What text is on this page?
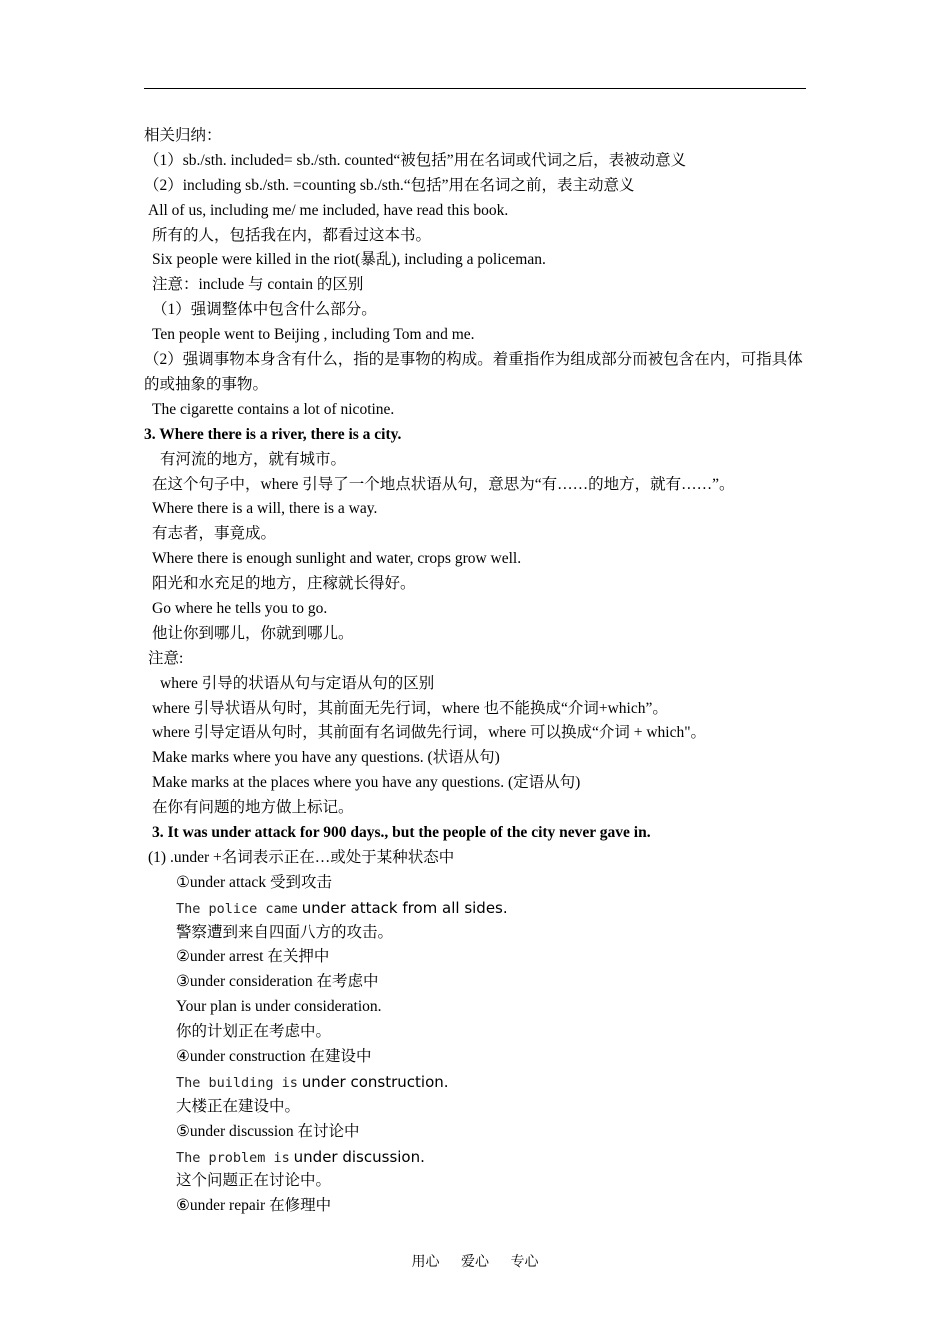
相关归纳：
（1）sb./sth. included= sb./sth. counted“被包括”用在名词或代词之后，表被动意义
（2）including sb./sth. =counting sb./sth.“包括”用在名词之前，表主动意义
All of us, including me/ me included, have read this book.
所有的人，包括我在内，都看过这本书。
Six people were killed in the riot(暴乱), including a policeman.
注意：include 与 contain 的区别
（1）强调整体中包含什么部分。
Ten people went to Beijing , including Tom and me.
（2）强调事物本身含有什么，指的是事物的构成。着重指作为组成部分而被包含在内，可指具体的或抽象的事物。
The cigarette contains a lot of nicotine.
3. Where there is a river, there is a city.
有河流的地方，就有城市。
在这个句子中，where 引导了一个地点状语从句，意思为“有……的地方，就有……”。
Where there is a will, there is a way.
有志者，事竟成。
Where there is enough sunlight and water, crops grow well.
阳光和水充足的地方，庄稼就长得好。
Go where he tells you to go.
他让你到哪儿，你就到哪儿。
注意:
where 引导的状语从句与定语从句的区别
where 引导状语从句时，其前面无先行词，where 也不能换成“介词+which”。
where 引导定语从句时，其前面有名词做先行词，where 可以换成“介词 + which"。
Make marks where you have any questions. (状语从句)
Make marks at the places where you have any questions. (定语从句)
在你有问题的地方做上标记。
3. It was under attack for 900 days., but the people of the city never gave in.
(1) .under +名词表示正在…或处于某种状态中
①under attack 受到攻击
The police came under attack from all sides.
警察遭到来自四面八方的攻击。
②under arrest 在关押中
③under consideration 在考虑中
Your plan is under consideration.
你的计划正在考虑中。
④under construction 在建设中
The building is under construction.
大楼正在建设中。
⑤under discussion 在讨论中
The problem is under discussion.
这个问题正在讨论中。
⑥under repair 在修理中
用心 爱心 专心
